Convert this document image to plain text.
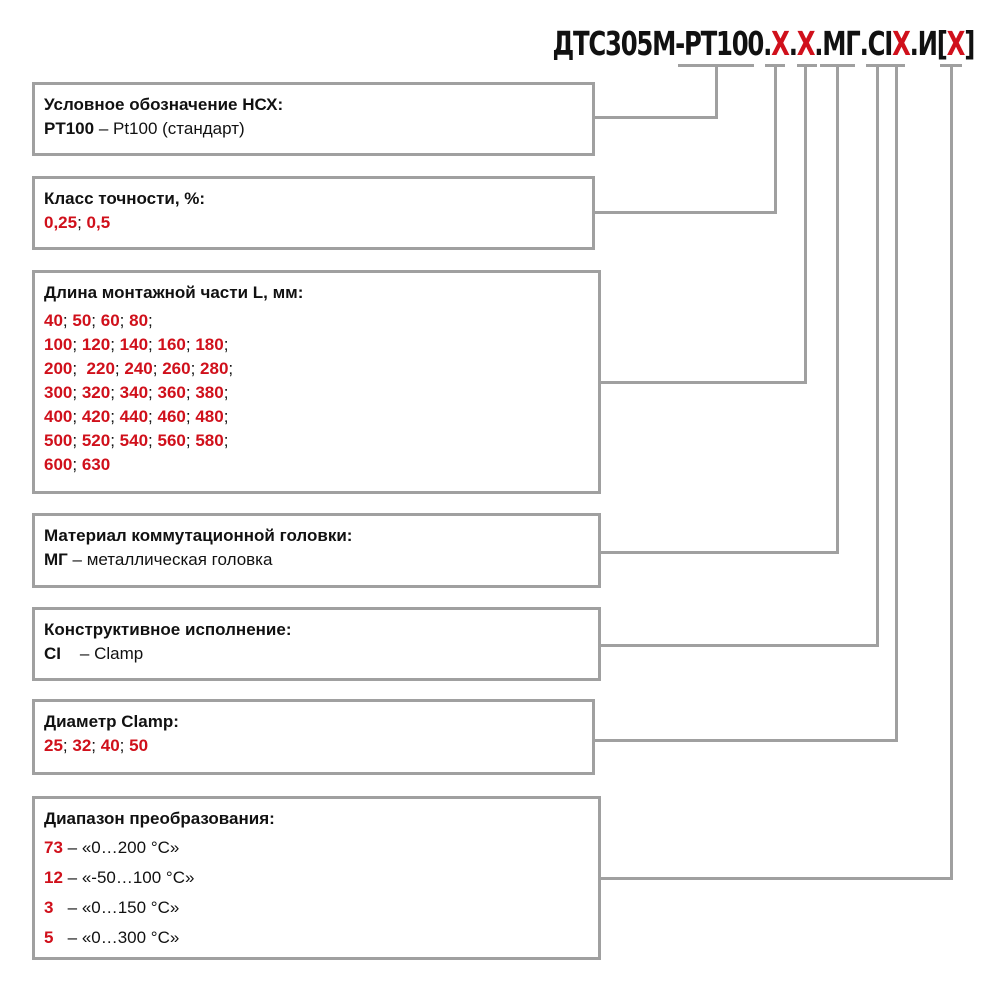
ДТС305М-PT100.X.X.МГ.CIX.И[X]
Условное обозначение НСХ:
PT100 – Pt100 (стандарт)
Класс точности, %:
0,25; 0,5
Длина монтажной части L, мм:
40; 50; 60; 80;
100; 120; 140; 160; 180;
200;  220; 240; 260; 280;
300; 320; 340; 360; 380;
400; 420; 440; 460; 480;
500; 520; 540; 560; 580;
600; 630
Материал коммутационной головки:
МГ – металлическая головка
Конструктивное исполнение:
CI    – Clamp
Диаметр Clamp:
25; 32; 40; 50
Диапазон преобразования:
73 – «0…200 °C»
12 – «-50…100 °C»
3   – «0…150 °C»
5   – «0…300 °C»
